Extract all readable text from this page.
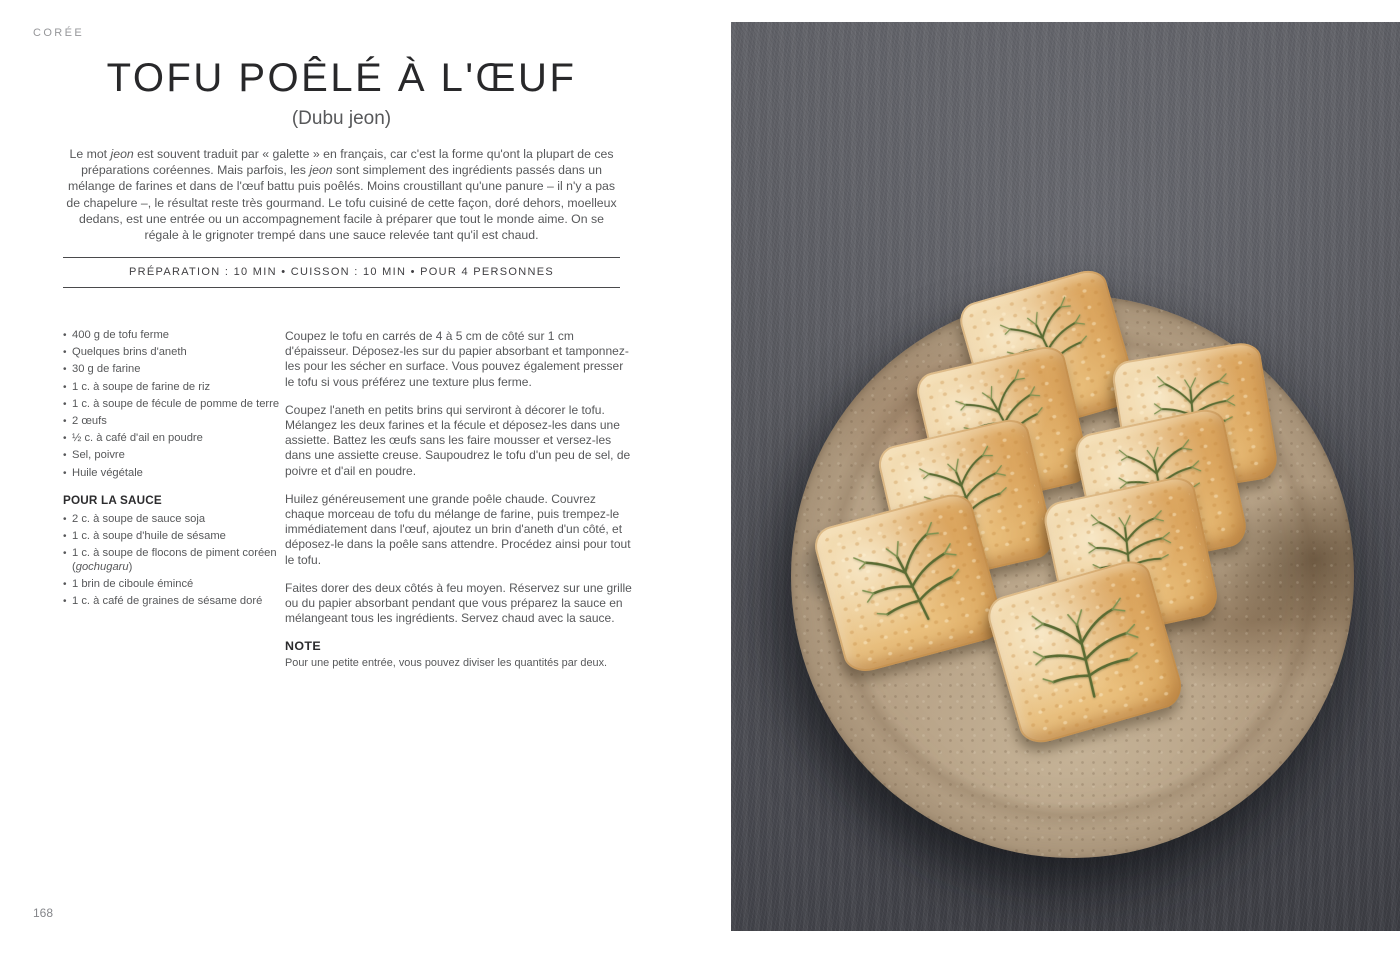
CORÉE
TOFU POÊLÉ À L'ŒUF
(Dubu jeon)

Le mot jeon est souvent traduit par « galette » en français, car c'est la forme qu'ont la plupart de ces préparations coréennes. Mais parfois, les jeon sont simplement des ingrédients passés dans un mélange de farines et dans de l'œuf battu puis poêlés. Moins croustillant qu'une panure – il n'y a pas de chapelure –, le résultat reste très gourmand. Le tofu cuisiné de cette façon, doré dehors, moelleux dedans, est une entrée ou un accompagnement facile à préparer que tout le monde aime. On se régale à le grignoter trempé dans une sauce relevée tant qu'il est chaud.

PRÉPARATION : 10 MIN • CUISSON : 10 MIN • POUR 4 PERSONNES
• 400 g de tofu ferme
• Quelques brins d'aneth
• 30 g de farine
• 1 c. à soupe de farine de riz
• 1 c. à soupe de fécule de pomme de terre
• 2 œufs
• ½ c. à café d'ail en poudre
• Sel, poivre
• Huile végétale
POUR LA SAUCE
• 2 c. à soupe de sauce soja
• 1 c. à soupe d'huile de sésame
• 1 c. à soupe de flocons de piment coréen (gochugaru)
• 1 brin de ciboule émincé
• 1 c. à café de graines de sésame doré

Coupez le tofu en carrés de 4 à 5 cm de côté sur 1 cm d'épaisseur. Déposez-les sur du papier absorbant et tamponnez-les pour les sécher en surface. Vous pouvez également presser le tofu si vous préférez une texture plus ferme.

Coupez l'aneth en petits brins qui serviront à décorer le tofu. Mélangez les deux farines et la fécule et déposez-les dans une assiette. Battez les œufs sans les faire mousser et versez-les dans une assiette creuse. Saupoudrez le tofu d'un peu de sel, de poivre et d'ail en poudre.

Huilez généreusement une grande poêle chaude. Couvrez chaque morceau de tofu du mélange de farine, puis trempez-le immédiatement dans l'œuf, ajoutez un brin d'aneth d'un côté, et déposez-le dans la poêle sans attendre. Procédez ainsi pour tout le tofu.

Faites dorer des deux côtés à feu moyen. Réservez sur une grille ou du papier absorbant pendant que vous préparez la sauce en mélangeant tous les ingrédients. Servez chaud avec la sauce.

NOTE
Pour une petite entrée, vous pouvez diviser les quantités par deux.
168
